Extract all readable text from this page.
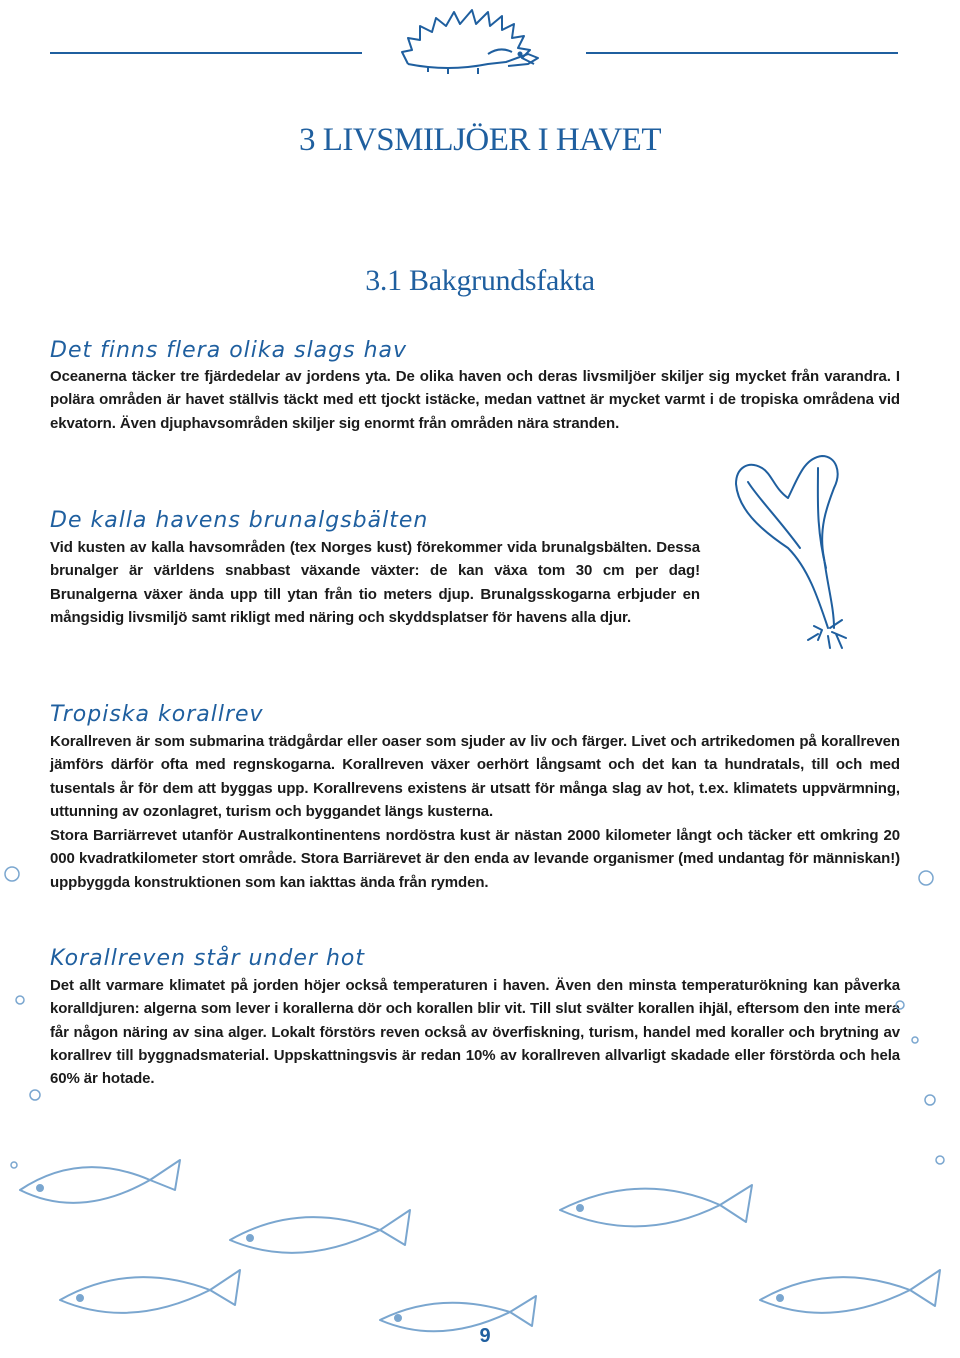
3 LIVSMILJÖER I HAVET
3.1 Bakgrundsfakta
Det finns flera olika slags hav
Oceanerna täcker tre fjärdedelar av jordens yta. De olika haven och deras livsmiljöer skiljer sig mycket från varandra. I polära områden är havet ställvis täckt med ett tjockt istäcke, medan vattnet är mycket varmt i de tropiska områdena vid ekvatorn. Även djuphavsområden skiljer sig enormt från områden nära stranden.
De kalla havens brunalgsbälten
Vid kusten av kalla havsområden (tex Norges kust) förekommer vida brunalgsbälten. Dessa brunalger är världens snabbast växande växter: de kan växa tom 30 cm per dag! Brunalgerna växer ända upp till ytan från tio meters djup. Brunalgsskogarna erbjuder en mångsidig livsmiljö samt rikligt med näring och skyddsplatser för havens alla djur.
Tropiska korallrev
Korallreven är som submarina trädgårdar eller oaser som sjuder av liv och färger. Livet och artrikedomen på korallreven jämförs därför ofta med regnskogarna. Korallreven växer oerhört långsamt och det kan ta hundratals, till och med tusentals år för dem att byggas upp. Korallrevens existens är utsatt för många slag av hot, t.ex. klimatets uppvärmning, uttunning av ozonlagret, turism och byggandet längs kusterna.
Stora Barriärrevet utanför Australkontinentens nordöstra kust är nästan 2000 kilometer långt och täcker ett omkring 20 000 kvadratkilometer stort område. Stora Barriärevet är den enda av levande organismer (med undantag för människan!) uppbyggda konstruktionen som kan iakttas ända från rymden.
Korallreven står under hot
Det allt varmare klimatet på jorden höjer också temperaturen i haven. Även den minsta temperaturökning kan påverka koralldjuren: algerna som lever i korallerna dör och korallen blir vit. Till slut svälter korallen ihjäl, eftersom den inte mera får någon näring av sina alger. Lokalt förstörs reven också av överfiskning, turism, handel med koraller och brytning av korallrev till byggnadsmaterial. Uppskattningsvis är redan 10% av korallreven allvarligt skadade eller förstörda och hela 60% är hotade.
9
